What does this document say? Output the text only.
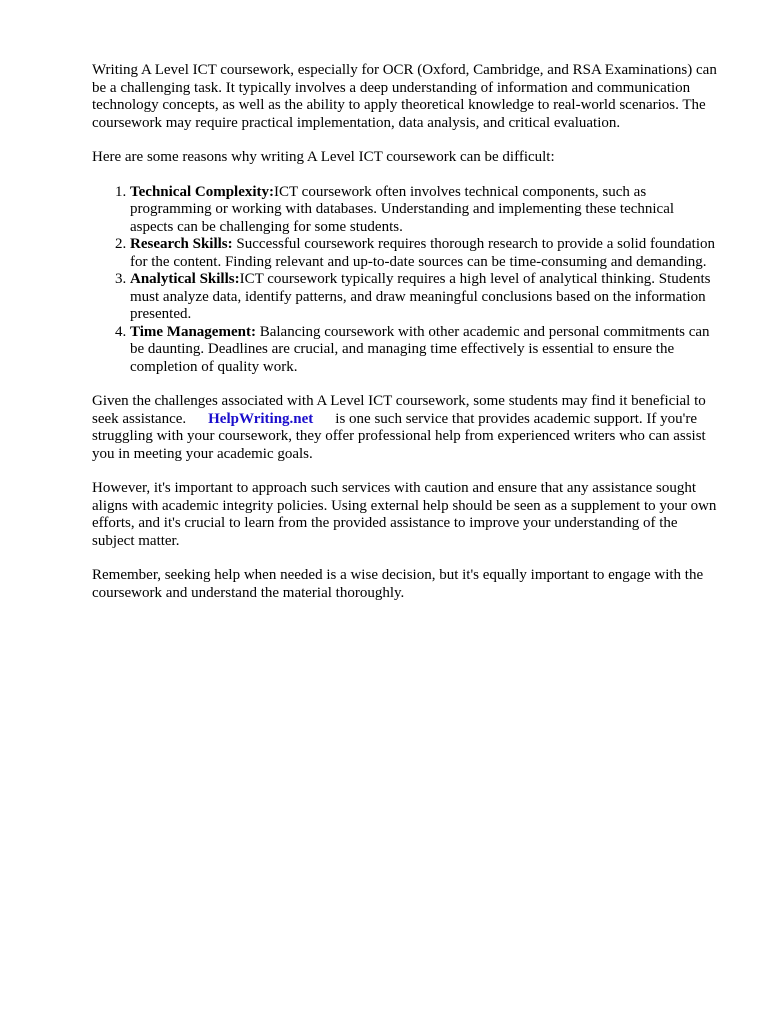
Writing A Level ICT coursework, especially for OCR (Oxford, Cambridge, and RSA Examinations) can be a challenging task. It typically involves a deep understanding of information and communication technology concepts, as well as the ability to apply theoretical knowledge to real-world scenarios. The coursework may require practical implementation, data analysis, and critical evaluation.

Here are some reasons why writing A Level ICT coursework can be difficult:

1. Technical Complexity:ICT coursework often involves technical components, such as programming or working with databases. Understanding and implementing these technical aspects can be challenging for some students.
2. Research Skills: Successful coursework requires thorough research to provide a solid foundation for the content. Finding relevant and up-to-date sources can be time-consuming and demanding.
3. Analytical Skills:ICT coursework typically requires a high level of analytical thinking. Students must analyze data, identify patterns, and draw meaningful conclusions based on the information presented.
4. Time Management: Balancing coursework with other academic and personal commitments can be daunting. Deadlines are crucial, and managing time effectively is essential to ensure the completion of quality work.

Given the challenges associated with A Level ICT coursework, some students may find it beneficial to seek assistance. HelpWriting.net is one such service that provides academic support. If you're struggling with your coursework, they offer professional help from experienced writers who can assist you in meeting your academic goals.

However, it's important to approach such services with caution and ensure that any assistance sought aligns with academic integrity policies. Using external help should be seen as a supplement to your own efforts, and it's crucial to learn from the provided assistance to improve your understanding of the subject matter.

Remember, seeking help when needed is a wise decision, but it's equally important to engage with the coursework and understand the material thoroughly.
